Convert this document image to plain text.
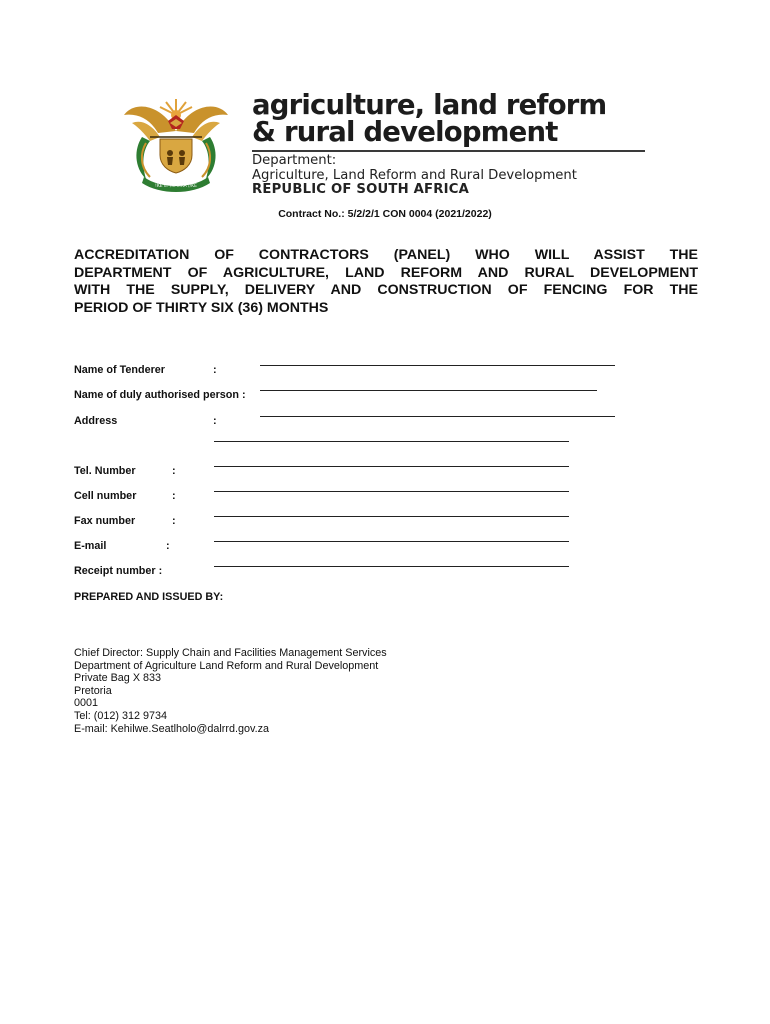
!KE E: /XARRA //KE
agriculture, land reform
& rural development
Department:
Agriculture, Land Reform and Rural Development
REPUBLIC OF SOUTH AFRICA
Contract No.: 5/2/2/1 CON 0004 (2021/2022)
ACCREDITATION OF CONTRACTORS (PANEL) WHO WILL ASSIST THE
DEPARTMENT OF AGRICULTURE, LAND REFORM AND RURAL DEVELOPMENT
WITH THE SUPPLY, DELIVERY AND CONSTRUCTION OF FENCING FOR THE
PERIOD OF THIRTY SIX (36) MONTHS
Name of Tenderer	:
Name of duly authorised person :
Address	:
Tel. Number	:
Cell number	:
Fax number	:
E-mail	:
Receipt number :
PREPARED AND ISSUED BY:
Chief Director: Supply Chain and Facilities Management Services
Department of Agriculture Land Reform and Rural Development
Private Bag X 833
Pretoria
0001
Tel: (012) 312 9734
E-mail: Kehilwe.Seatlholo@dalrrd.gov.za
